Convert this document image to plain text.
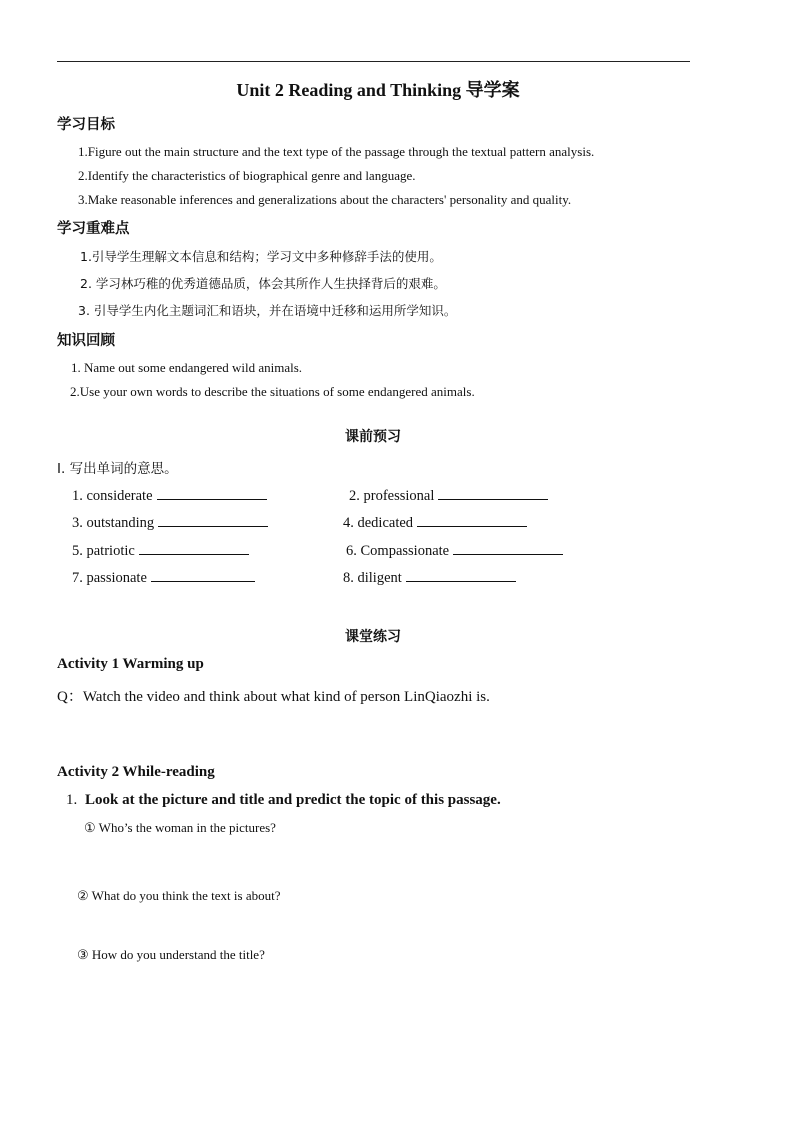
Unit 2 Reading and Thinking 导学案
学习目标
1.Figure out the main structure and the text type of the passage through the textual pattern analysis.
2.Identify the characteristics of biographical genre and language.
3.Make reasonable inferences and generalizations about the characters' personality and quality.
学习重难点
1.引导学生理解文本信息和结构；学习文中多种修辞手法的使用。
2. 学习林巧稚的优秀道德品质，体会其所作人生抉择背后的艰难。
3. 引导学生内化主题词汇和语块，并在语境中迁移和运用所学知识。
知识回顾
1. Name out some endangered wild animals.
2.Use your own words to describe the situations of some endangered animals.
课前预习
I. 写出单词的意思。
1. considerate	2. professional
3. outstanding	4. dedicated
5. patriotic	6. Compassionate
7. passionate	8. diligent
课堂练习
Activity 1 Warming up
Q：Watch the video and think about what kind of person LinQiaozhi is.
Activity 2 While-reading
1. Look at the picture and title and predict the topic of this passage.
① Who’s the woman in the pictures?
② What do you think the text is about?
③ How do you understand the title?
